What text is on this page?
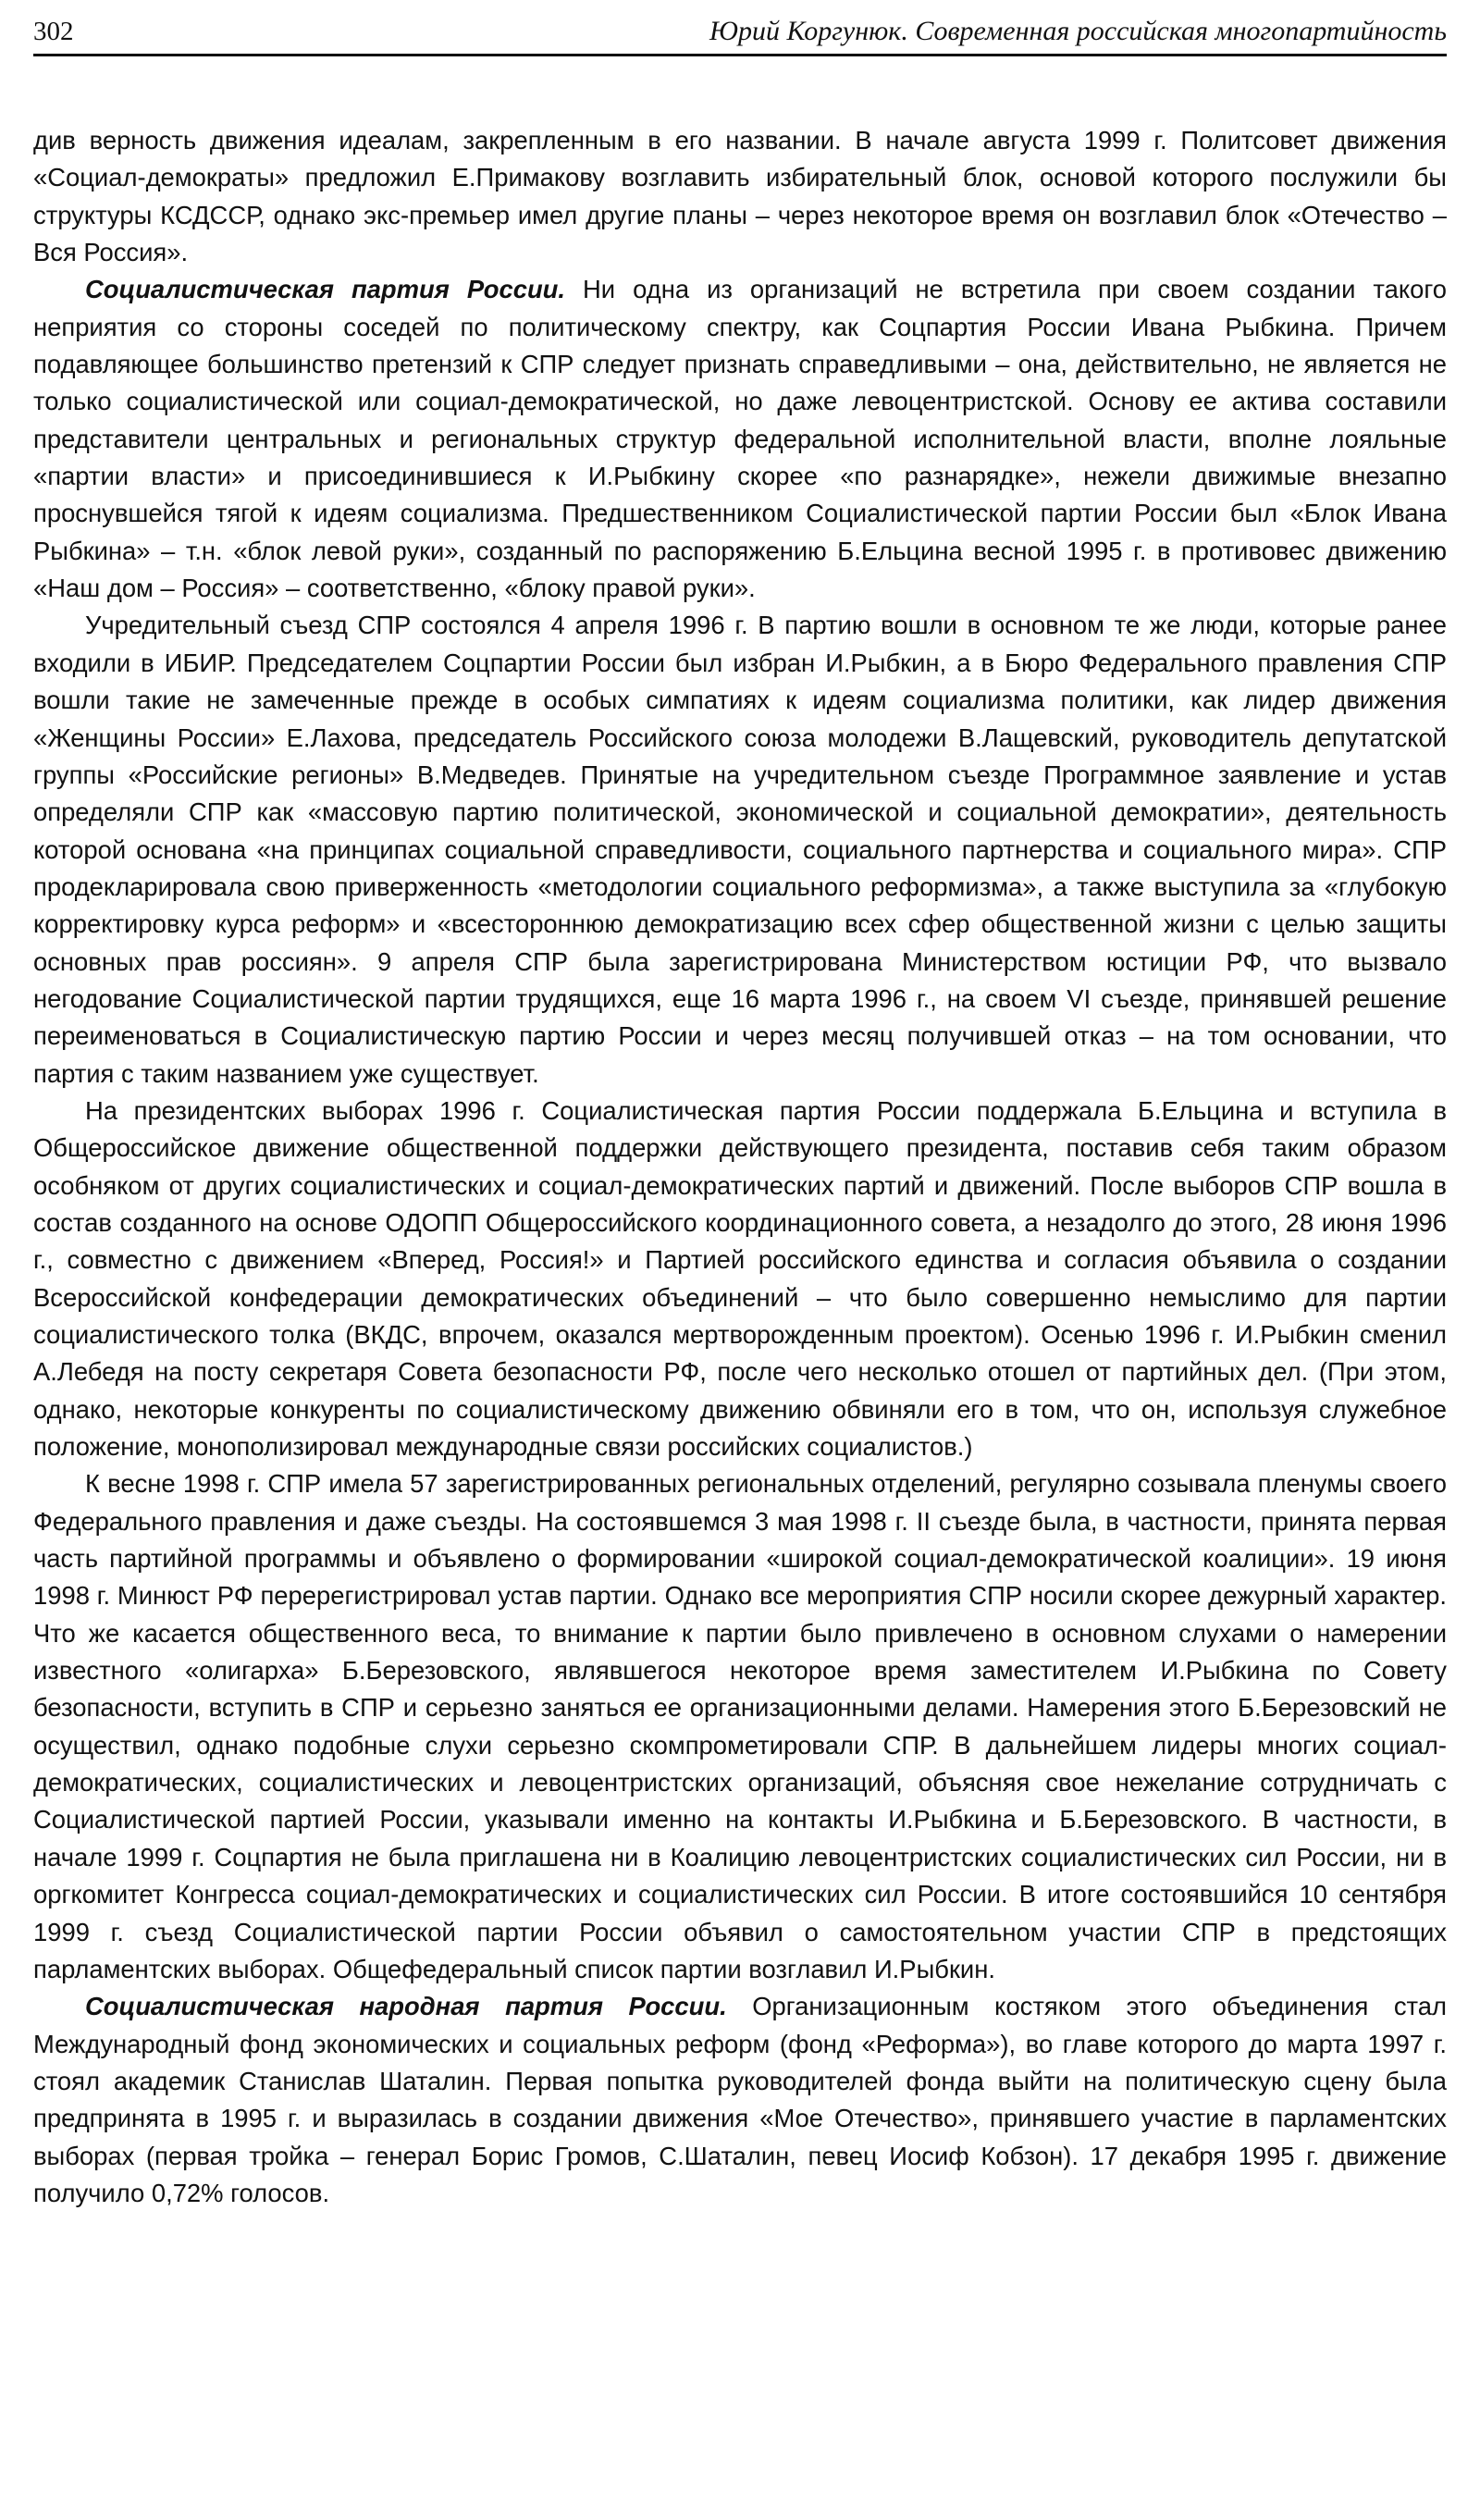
302	Юрий Коргунюк. Современная российская многопартийность

див верность движения идеалам, закрепленным в его названии. В начале августа 1999 г. Политсовет движения «Социал-демократы» предложил Е.Примакову возглавить избирательный блок, основой которого послужили бы структуры КСДССР, однако экс-премьер имел другие планы – через некоторое время он возглавил блок «Отечество – Вся Россия».

Социалистическая партия России. Ни одна из организаций не встретила при своем создании такого неприятия со стороны соседей по политическому спектру, как Соцпартия России Ивана Рыбкина. Причем подавляющее большинство претензий к СПР следует признать справедливыми – она, действительно, не является не только социалистической или социал-демократической, но даже левоцентристской. Основу ее актива составили представители центральных и региональных структур федеральной исполнительной власти, вполне лояльные «партии власти» и присоединившиеся к И.Рыбкину скорее «по разнарядке», нежели движимые внезапно проснувшейся тягой к идеям социализма. Предшественником Социалистической партии России был «Блок Ивана Рыбкина» – т.н. «блок левой руки», созданный по распоряжению Б.Ельцина весной 1995 г. в противовес движению «Наш дом – Россия» – соответственно, «блоку правой руки».

Учредительный съезд СПР состоялся 4 апреля 1996 г. В партию вошли в основном те же люди, которые ранее входили в ИБИР. Председателем Соцпартии России был избран И.Рыбкин, а в Бюро Федерального правления СПР вошли такие не замеченные прежде в особых симпатиях к идеям социализма политики, как лидер движения «Женщины России» Е.Лахова, председатель Российского союза молодежи В.Лащевский, руководитель депутатской группы «Российские регионы» В.Медведев. Принятые на учредительном съезде Программное заявление и устав определяли СПР как «массовую партию политической, экономической и социальной демократии», деятельность которой основана «на принципах социальной справедливости, социального партнерства и социального мира». СПР продекларировала свою приверженность «методологии социального реформизма», а также выступила за «глубокую корректировку курса реформ» и «всестороннюю демократизацию всех сфер общественной жизни с целью защиты основных прав россиян». 9 апреля СПР была зарегистрирована Министерством юстиции РФ, что вызвало негодование Социалистической партии трудящихся, еще 16 марта 1996 г., на своем VI съезде, принявшей решение переименоваться в Социалистическую партию России и через месяц получившей отказ – на том основании, что партия с таким названием уже существует.

На президентских выборах 1996 г. Социалистическая партия России поддержала Б.Ельцина и вступила в Общероссийское движение общественной поддержки действующего президента, поставив себя таким образом особняком от других социалистических и социал-демократических партий и движений. После выборов СПР вошла в состав созданного на основе ОДОПП Общероссийского координационного совета, а незадолго до этого, 28 июня 1996 г., совместно с движением «Вперед, Россия!» и Партией российского единства и согласия объявила о создании Всероссийской конфедерации демократических объединений – что было совершенно немыслимо для партии социалистического толка (ВКДС, впрочем, оказался мертворожденным проектом). Осенью 1996 г. И.Рыбкин сменил А.Лебедя на посту секретаря Совета безопасности РФ, после чего несколько отошел от партийных дел. (При этом, однако, некоторые конкуренты по социалистическому движению обвиняли его в том, что он, используя служебное положение, монополизировал международные связи российских социалистов.)

К весне 1998 г. СПР имела 57 зарегистрированных региональных отделений, регулярно созывала пленумы своего Федерального правления и даже съезды. На состоявшемся 3 мая 1998 г. II съезде была, в частности, принята первая часть партийной программы и объявлено о формировании «широкой социал-демократической коалиции». 19 июня 1998 г. Минюст РФ перерегистрировал устав партии. Однако все мероприятия СПР носили скорее дежурный характер. Что же касается общественного веса, то внимание к партии было привлечено в основном слухами о намерении известного «олигарха» Б.Березовского, являвшегося некоторое время заместителем И.Рыбкина по Совету безопасности, вступить в СПР и серьезно заняться ее организационными делами. Намерения этого Б.Березовский не осуществил, однако подобные слухи серьезно скомпрометировали СПР. В дальнейшем лидеры многих социал-демократических, социалистических и левоцентристских организаций, объясняя свое нежелание сотрудничать с Социалистической партией России, указывали именно на контакты И.Рыбкина и Б.Березовского. В частности, в начале 1999 г. Соцпартия не была приглашена ни в Коалицию левоцентристских социалистических сил России, ни в оргкомитет Конгресса социал-демократических и социалистических сил России. В итоге состоявшийся 10 сентября 1999 г. съезд Социалистической партии России объявил о самостоятельном участии СПР в предстоящих парламентских выборах. Общефедеральный список партии возглавил И.Рыбкин.

Социалистическая народная партия России. Организационным костяком этого объединения стал Международный фонд экономических и социальных реформ (фонд «Реформа»), во главе которого до марта 1997 г. стоял академик Станислав Шаталин. Первая попытка руководителей фонда выйти на политическую сцену была предпринята в 1995 г. и выразилась в создании движения «Мое Отечество», принявшего участие в парламентских выборах (первая тройка – генерал Борис Громов, С.Шаталин, певец Иосиф Кобзон). 17 декабря 1995 г. движение получило 0,72% голосов.
